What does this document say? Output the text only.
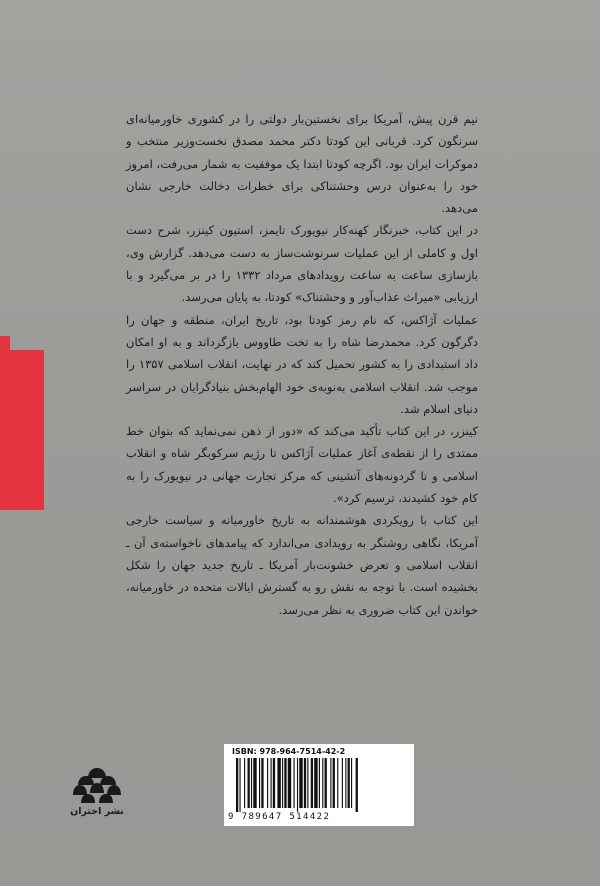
نیم قرن پیش، آمریکا برای نخستین‌بار دولتی را در کشوری خاورمیانه‌ای سرنگون کرد. قربانی این کودتا دکتر محمد مصدق نخست‌وزیر منتخب و دموکرات ایران بود. اگرچه کودتا ابتدا یک موفقیت به شمار می‌رفت، امروز خود را به‌عنوان درس وحشتناکی برای خطرات دخالت خارجی نشان می‌دهد.

در این کتاب، خبرنگار کهنه‌کار نیویورک تایمز، استیون کینزر، شرح دست اول و کاملی از این عملیات سرنوشت‌ساز به دست می‌دهد. گزارش وی، بازسازی ساعت به ساعت رویدادهای مرداد ۱۳۳۲ را در بر می‌گیرد و با ارزیابی «میراث عذاب‌آور و وحشتناک» کودتا، به پایان می‌رسد.

عملیات آژاکس، که نام رمز کودتا بود، تاریخ ایران، منطقه و جهان را دگرگون کرد. محمدرضا شاه را به تخت طاووس باز‌گرداند و به او امکان داد استبدادی را به کشور تحمیل کند که در نهایت، انقلاب اسلامی ۱۳۵۷ را موجب شد. انقلاب اسلامی به‌نوبه‌ی خود الهام‌بخش بنیادگرایان در سراسر دنیای اسلام شد.

کینزر، در این کتاب تأکید می‌کند که «دور از ذهن نمی‌نماید که بتوان خط ممتدی را از نقطه‌ی آغاز عملیات آژاکس تا رژیم سرکوبگر شاه و انقلاب اسلامی و تا گردونه‌های آتشینی که مرکز تجارت جهانی در نیویورک را به کام خود کشیدند، ترسیم کرد».

این کتاب با رویکردی هوشمندانه به تاریخ خاورمیانه و سیاست خارجی آمریکا، نگاهی روشنگر به رویدادی می‌اندازد که پیامدهای ناخواسته‌ی آن ـ انقلاب اسلامی و تعرض خشونت‌بار آمریکا ـ تاریخ جدید جهان را شکل بخشیده است. با توجه به نقش رو به گسترش ایالات متحده در خاورمیانه، خواندن این کتاب ضروری به نظر می‌رسد.

ISBN: 978-964-7514-42-2
9 789647 514422
نشر اختران
